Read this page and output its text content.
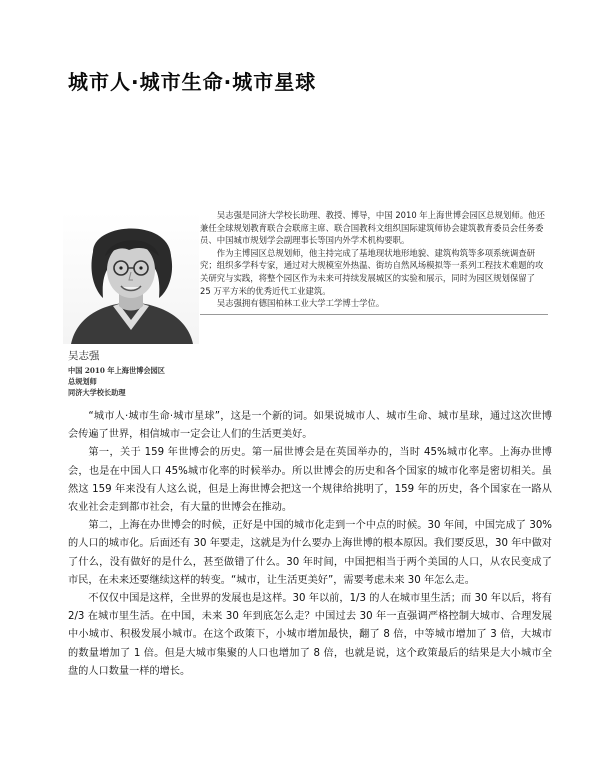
城市人·城市生命·城市星球

吴志强是同济大学校长助理、教授、博导，中国 2010 年上海世博会园区总规划师。他还兼任全球规划教育联合会联席主席、联合国教科文组织国际建筑师协会建筑教育委员会任务委员、中国城市规划学会副理事长等国内外学术机构要职。

作为主博园区总规划师，他主持完成了基地现状地形地貌、建筑构筑等多项系统调查研究；组织多学科专家，通过对大规模室外热温、街坊自然风场模拟等一系列工程技术难题的攻关研究与实践，将整个园区作为未来可持续发展城区的实验和展示，同时为园区规划保留了 25 万平方米的优秀近代工业建筑。

吴志强拥有德国柏林工业大学工学博士学位。

吴志强
中国 2010 年上海世博会园区
总规划师
同济大学校长助理

“城市人·城市生命·城市星球”，这是一个新的词。如果说城市人、城市生命、城市星球，通过这次世博会传遍了世界，相信城市一定会让人们的生活更美好。

第一，关于 159 年世博会的历史。第一届世博会是在英国举办的，当时 45%城市化率。上海办世博会，也是在中国人口 45%城市化率的时候举办。所以世博会的历史和各个国家的城市化率是密切相关。虽然这 159 年来没有人这么说，但是上海世博会把这一个规律给挑明了，159 年的历史，各个国家在一路从农业社会走到都市社会，有大量的世博会在推动。

第二，上海在办世博会的时候，正好是中国的城市化走到一个中点的时候。30 年间，中国完成了 30%的人口的城市化。后面还有 30 年要走，这就是为什么要办上海世博的根本原因。我们要反思，30 年中做对了什么，没有做好的是什么，甚至做错了什么。30 年时间，中国把相当于两个美国的人口，从农民变成了市民，在未来还要继续这样的转变。“城市，让生活更美好”，需要考虑未来 30 年怎么走。

不仅仅中国是这样，全世界的发展也是这样。30 年以前，1/3 的人在城市里生活；而 30 年以后，将有 2/3 在城市里生活。在中国，未来 30 年到底怎么走？中国过去 30 年一直强调严格控制大城市、合理发展中小城市、积极发展小城市。在这个政策下，小城市增加最快，翻了 8 倍，中等城市增加了 3 倍，大城市的数量增加了 1 倍。但是大城市集聚的人口也增加了 8 倍，也就是说，这个政策最后的结果是大小城市全盘的人口数量一样的增长。
